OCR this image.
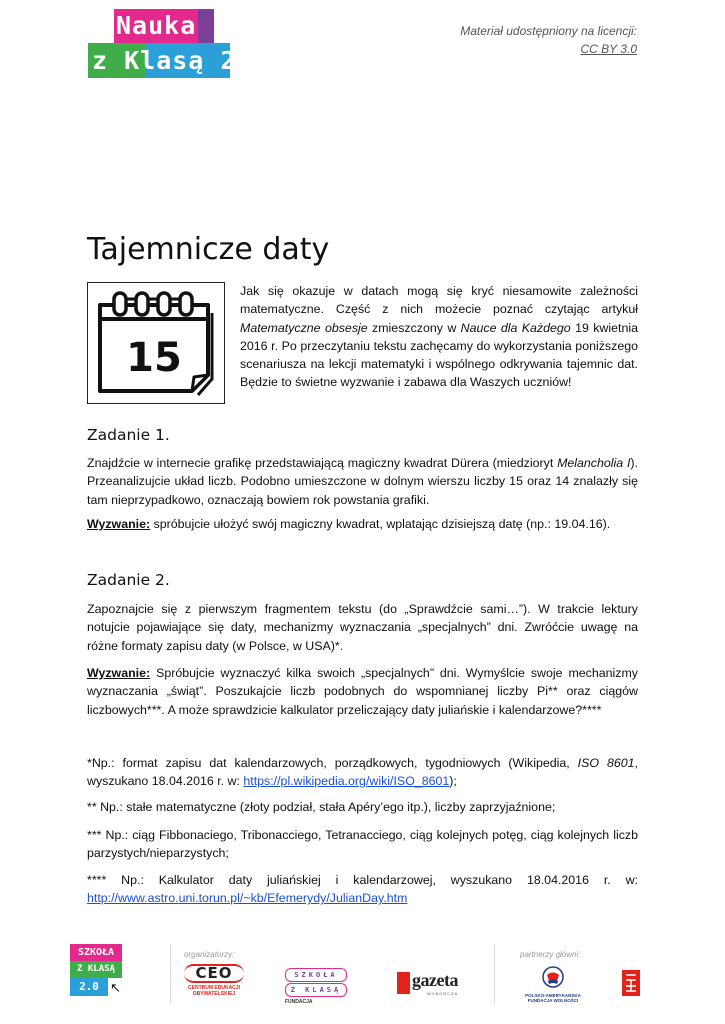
Nauka
z Klasą 2.0
Materiał udostępniony na licencji:
CC BY 3.0
Tajemnicze daty
15
Jak się okazuje w datach mogą się kryć niesamowite zależności matematyczne. Część z nich możecie poznać czytając artykuł Matematyczne obsesje zmieszczony w Nauce dla Każdego 19 kwietnia 2016 r. Po przeczytaniu tekstu zachęcamy do wykorzystania poniższego scenariusza na lekcji matematyki i wspólnego odkrywania tajemnic dat. Będzie to świetne wyzwanie i zabawa dla Waszych uczniów!
Zadanie 1.
Znajdźcie w internecie grafikę przedstawiającą magiczny kwadrat Dürera (miedzioryt Melancholia I). Przeanalizujcie układ liczb. Podobno umieszczone w dolnym wierszu liczby 15 oraz 14 znalazły się tam nieprzypadkowo, oznaczają bowiem rok powstania grafiki.
Wyzwanie: spróbujcie ułożyć swój magiczny kwadrat, wplatając dzisiejszą datę (np.: 19.04.16).
Zadanie 2.
Zapoznajcie się z pierwszym fragmentem tekstu (do „Sprawdźcie sami…”). W trakcie lektury notujcie pojawiające się daty, mechanizmy wyznaczania „specjalnych” dni. Zwróćcie uwagę na różne formaty zapisu daty (w Polsce, w USA)*.
Wyzwanie: Spróbujcie wyznaczyć kilka swoich „specjalnych” dni. Wymyślcie swoje mechanizmy wyznaczania „świąt”. Poszukajcie liczb podobnych do wspomnianej liczby Pi** oraz ciągów liczbowych***. A może sprawdzicie kalkulator przeliczający daty juliańskie i kalendarzowe?****
*Np.: format zapisu dat kalendarzowych, porządkowych, tygodniowych (Wikipedia, ISO 8601, wyszukano 18.04.2016 r. w: https://pl.wikipedia.org/wiki/ISO_8601);
** Np.: stałe matematyczne (złoty podział, stała Apéry’ego itp.), liczby zaprzyjaźnione;
*** Np.: ciąg Fibbonaciego, Tribonacciego, Tetranacciego, ciąg kolejnych potęg, ciąg kolejnych liczb parzystych/nieparzystych;
**** Np.: Kalkulator daty juliańskiej i kalendarzowej, wyszukano 18.04.2016 r. w:
http://www.astro.uni.torun.pl/~kb/Efemerydy/JulianDay.htm
SZKOŁA
Z KLASĄ
2.0 ↖
organizatorzy:
CEO
CENTRUM EDUKACJI
OBYWATELSKIEJ
SZKOŁA
Z KLASĄ
FUNDACJA
gazeta
WYBORCZA
partnerzy główni:
POLSKO-AMERYKAŃSKA
FUNDACJA WOLNOŚCI
